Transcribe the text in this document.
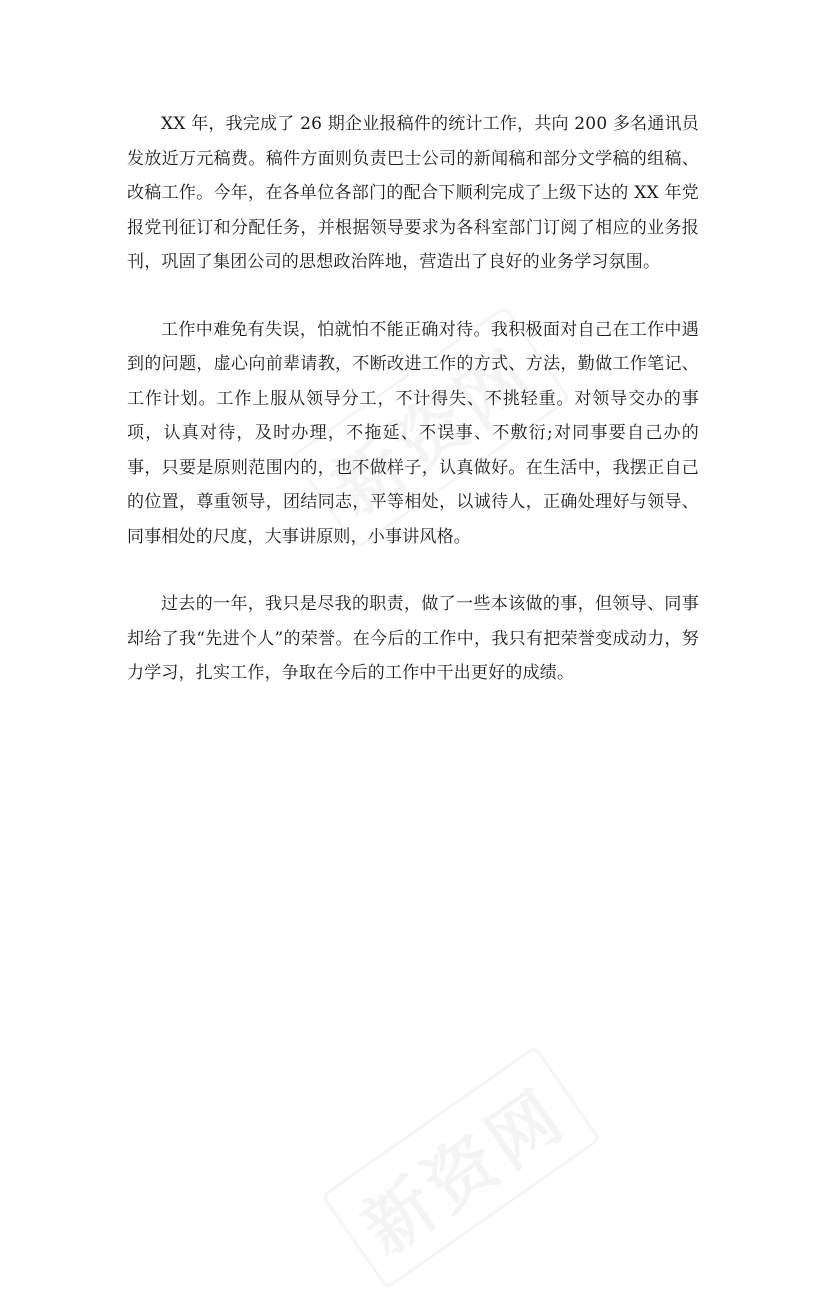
XX 年，我完成了 26 期企业报稿件的统计工作，共向 200 多名通讯员发放近万元稿费。稿件方面则负责巴士公司的新闻稿和部分文学稿的组稿、改稿工作。今年，在各单位各部门的配合下顺利完成了上级下达的 XX 年党报党刊征订和分配任务，并根据领导要求为各科室部门订阅了相应的业务报刊，巩固了集团公司的思想政治阵地，营造出了良好的业务学习氛围。

工作中难免有失误，怕就怕不能正确对待。我积极面对自己在工作中遇到的问题，虚心向前辈请教，不断改进工作的方式、方法，勤做工作笔记、工作计划。工作上服从领导分工，不计得失、不挑轻重。对领导交办的事项，认真对待，及时办理，不拖延、不误事、不敷衍;对同事要自己办的事，只要是原则范围内的，也不做样子，认真做好。在生活中，我摆正自己的位置，尊重领导，团结同志，平等相处，以诚待人，正确处理好与领导、同事相处的尺度，大事讲原则，小事讲风格。

过去的一年，我只是尽我的职责，做了一些本该做的事，但领导、同事却给了我“先进个人”的荣誉。在今后的工作中，我只有把荣誉变成动力，努力学习，扎实工作，争取在今后的工作中干出更好的成绩。
